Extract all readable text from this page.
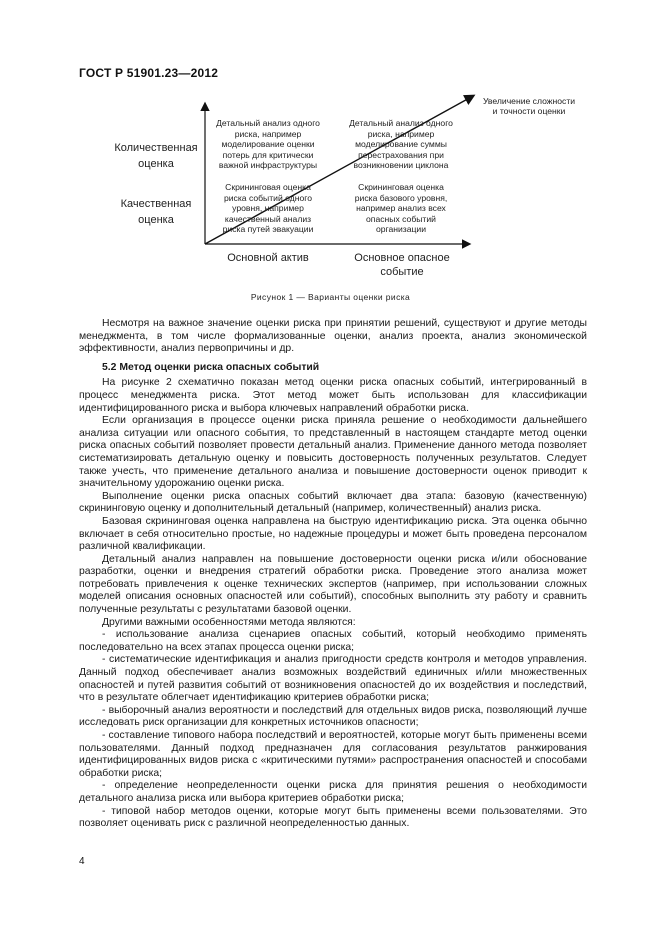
ГОСТ Р 51901.23—2012
Увеличение сложности
и точности оценки
Количественная
оценка
Качественная
оценка
Детальный анализ одного
риска, например
моделирование оценки
потерь для критически
важной инфраструктуры
Детальный анализ одного
риска, например
моделирование суммы
перестрахования при
возникновении циклона
Скрининговая оценка
риска событий одного
уровня, например
качественный анализ
риска путей эвакуации
Скрининговая оценка
риска базового уровня,
например анализ всех
опасных событий
организации
Основной актив	Основное опасное
событие
Рисунок 1 — Варианты оценки риска

Несмотря на важное значение оценки риска при принятии решений, существуют и другие методы менеджмента, в том числе формализованные оценки, анализ проекта, анализ экономической эффективности, анализ первопричины и др.

5.2 Метод оценки риска опасных событий

На рисунке 2 схематично показан метод оценки риска опасных событий, интегрированный в процесс менеджмента риска. Этот метод может быть использован для классификации идентифицированного риска и выбора ключевых направлений обработки риска.

Если организация в процессе оценки риска приняла решение о необходимости дальнейшего анализа ситуации или опасного события, то представленный в настоящем стандарте метод оценки риска опасных событий позволяет провести детальный анализ. Применение данного метода позволяет систематизировать детальную оценку и повысить достоверность полученных результатов. Следует также учесть, что применение детального анализа и повышение достоверности оценок приводит к значительному удорожанию оценки риска.

Выполнение оценки риска опасных событий включает два этапа: базовую (качественную) скрининговую оценку и дополнительный детальный (например, количественный) анализ риска.

Базовая скрининговая оценка направлена на быструю идентификацию риска. Эта оценка обычно включает в себя относительно простые, но надежные процедуры и может быть проведена персоналом различной квалификации.

Детальный анализ направлен на повышение достоверности оценки риска и/или обоснование разработки, оценки и внедрения стратегий обработки риска. Проведение этого анализа может потребовать привлечения к оценке технических экспертов (например, при использовании сложных моделей описания основных опасностей или событий), способных выполнить эту работу и сравнить полученные результаты с результатами базовой оценки.

Другими важными особенностями метода являются:

- использование анализа сценариев опасных событий, который необходимо применять последовательно на всех этапах процесса оценки риска;

- систематические идентификация и анализ пригодности средств контроля и методов управления. Данный подход обеспечивает анализ возможных воздействий единичных и/или множественных опасностей и путей развития событий от возникновения опасностей до их воздействия и последствий, что в результате облегчает идентификацию критериев обработки риска;

- выборочный анализ вероятности и последствий для отдельных видов риска, позволяющий лучше исследовать риск организации для конкретных источников опасности;

- составление типового набора последствий и вероятностей, которые могут быть применены всеми пользователями. Данный подход предназначен для согласования результатов ранжирования идентифицированных видов риска с «критическими путями» распространения опасностей и способами обработки риска;

- определение неопределенности оценки риска для принятия решения о необходимости детального анализа риска или выбора критериев обработки риска;

- типовой набор методов оценки, которые могут быть применены всеми пользователями. Это позволяет оценивать риск с различной неопределенностью данных.

4
